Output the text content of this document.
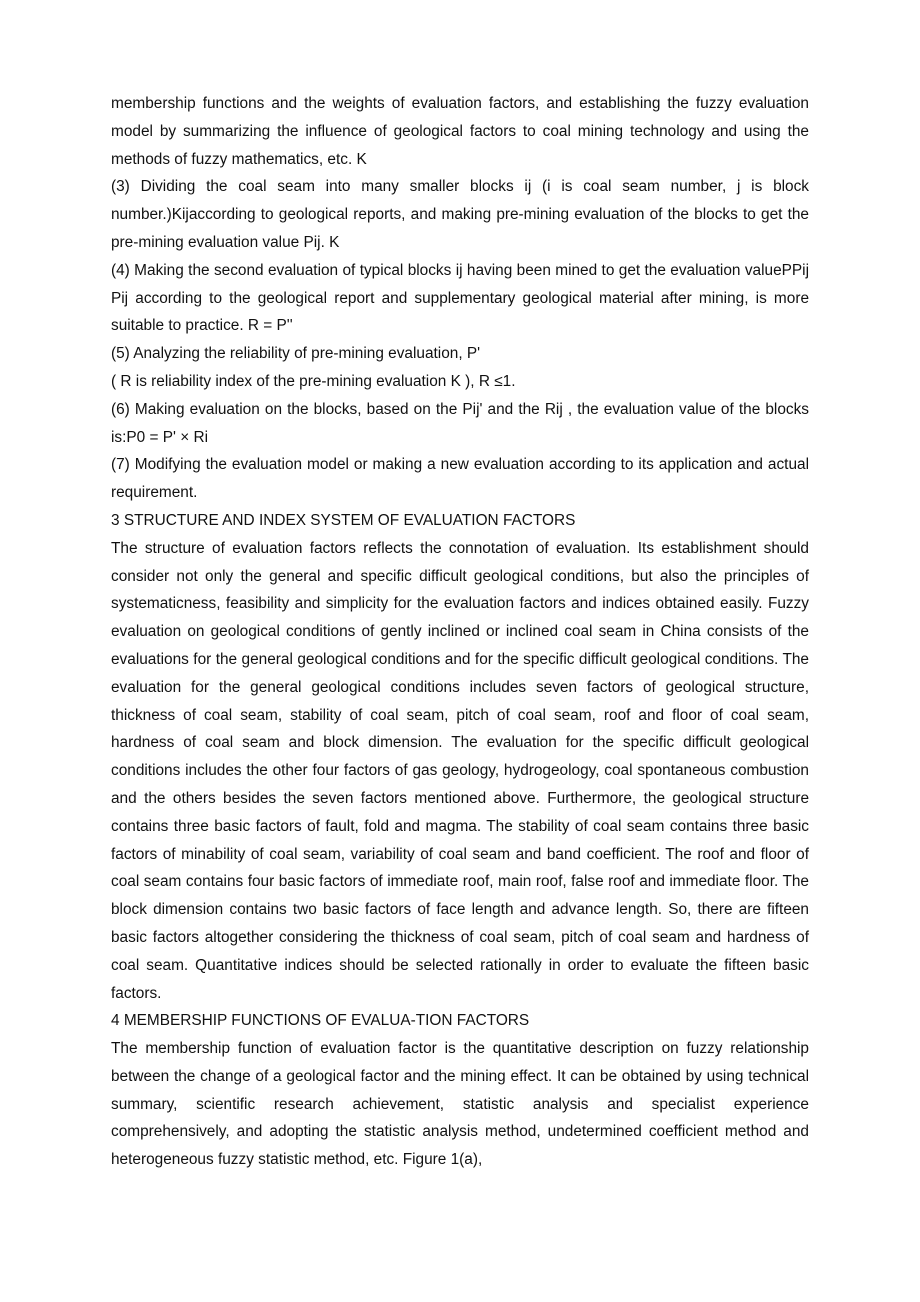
membership functions and the weights of evaluation factors, and establishing the fuzzy evaluation model by summarizing the influence of geological factors to coal mining technology and using the methods of fuzzy mathematics, etc. K

(3) Dividing the coal seam into many smaller blocks ij (i is coal seam number, j is block number.)Kijaccording to geological reports, and making pre-mining evaluation of the blocks to get the pre-mining evaluation value Pij. K

(4) Making the second evaluation of typical blocks ij having been mined to get the evaluation valuePPij Pij according to the geological report and supplementary geological material after mining, is more suitable to practice. R = P''

(5) Analyzing the reliability of pre-mining evaluation, P'

( R is reliability index of the pre-mining evaluation K ), R ≤1.

(6) Making evaluation on the blocks, based on the Pij' and the Rij , the evaluation value of the blocks is:P0 = P' × Ri

(7) Modifying the evaluation model or making a new evaluation according to its application and actual requirement.

3 STRUCTURE AND INDEX SYSTEM OF EVALUATION FACTORS

The structure of evaluation factors reflects the connotation of evaluation. Its establishment should consider not only the general and specific difficult geological conditions, but also the principles of systematicness, feasibility and simplicity for the evaluation factors and indices obtained easily. Fuzzy evaluation on geological conditions of gently inclined or inclined coal seam in China consists of the evaluations for the general geological conditions and for the specific difficult geological conditions. The evaluation for the general geological conditions includes seven factors of geological structure, thickness of coal seam, stability of coal seam, pitch of coal seam, roof and floor of coal seam, hardness of coal seam and block dimension. The evaluation for the specific difficult geological conditions includes the other four factors of gas geology, hydrogeology, coal spontaneous combustion and the others besides the seven factors mentioned above. Furthermore, the geological structure contains three basic factors of fault, fold and magma. The stability of coal seam contains three basic factors of minability of coal seam, variability of coal seam and band coefficient. The roof and floor of coal seam contains four basic factors of immediate roof, main roof, false roof and immediate floor. The block dimension contains two basic factors of face length and advance length. So, there are fifteen basic factors altogether considering the thickness of coal seam, pitch of coal seam and hardness of coal seam. Quantitative indices should be selected rationally in order to evaluate the fifteen basic factors.

4 MEMBERSHIP FUNCTIONS OF EVALUA-TION FACTORS

The membership function of evaluation factor is the quantitative description on fuzzy relationship between the change of a geological factor and the mining effect. It can be obtained by using technical summary, scientific research achievement, statistic analysis and specialist experience comprehensively, and adopting the statistic analysis method, undetermined coefficient method and heterogeneous fuzzy statistic method, etc. Figure 1(a),
